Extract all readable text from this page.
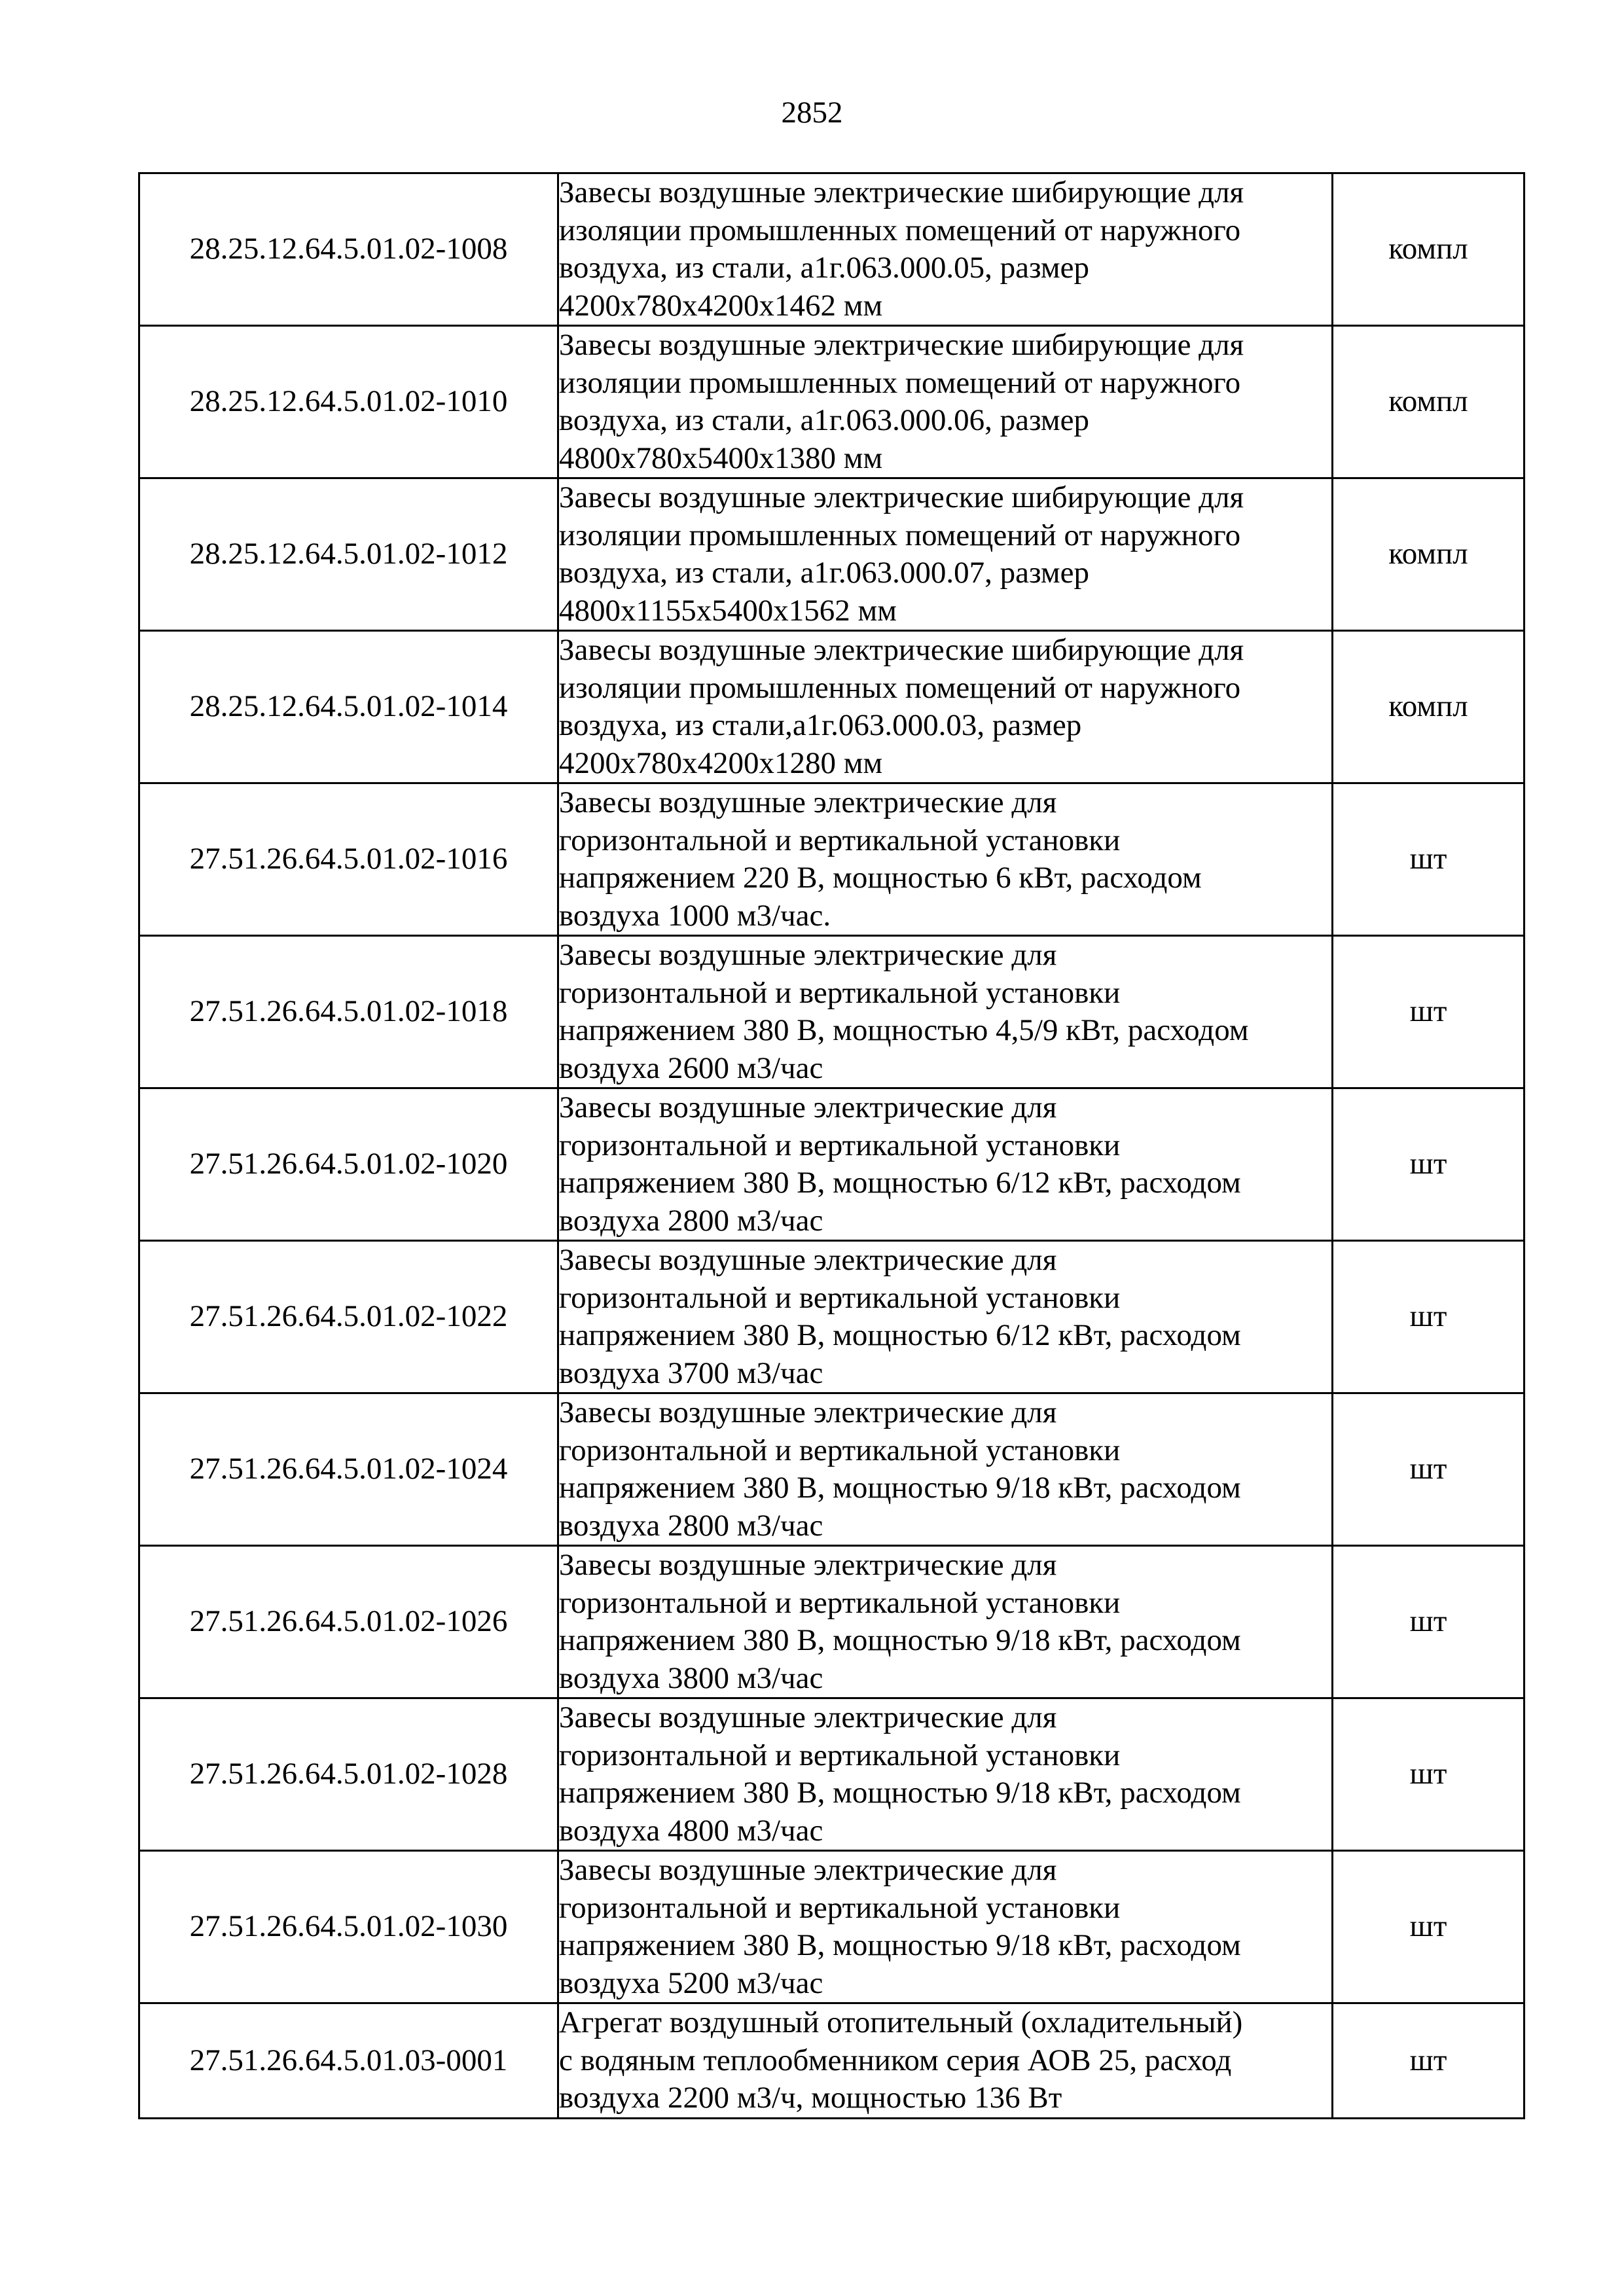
2852
28.25.12.64.5.01.02-1008	Завесы воздушные электрические шибирующие для
изоляции промышленных помещений от наружного
воздуха, из стали, а1г.063.000.05, размер
4200х780х4200х1462 мм	компл
28.25.12.64.5.01.02-1010	Завесы воздушные электрические шибирующие для
изоляции промышленных помещений от наружного
воздуха, из стали, а1г.063.000.06, размер
4800х780х5400х1380 мм	компл
28.25.12.64.5.01.02-1012	Завесы воздушные электрические шибирующие для
изоляции промышленных помещений от наружного
воздуха, из стали, а1г.063.000.07, размер
4800х1155х5400х1562 мм	компл
28.25.12.64.5.01.02-1014	Завесы воздушные электрические шибирующие для
изоляции промышленных помещений от наружного
воздуха, из стали,а1г.063.000.03, размер
4200х780х4200х1280 мм	компл
27.51.26.64.5.01.02-1016	Завесы воздушные электрические для
горизонтальной и вертикальной установки
напряжением 220 В, мощностью 6 кВт, расходом
воздуха 1000 м3/час.	шт
27.51.26.64.5.01.02-1018	Завесы воздушные электрические для
горизонтальной и вертикальной установки
напряжением 380 В, мощностью 4,5/9 кВт, расходом
воздуха 2600 м3/час	шт
27.51.26.64.5.01.02-1020	Завесы воздушные электрические для
горизонтальной и вертикальной установки
напряжением 380 В, мощностью 6/12 кВт, расходом
воздуха 2800 м3/час	шт
27.51.26.64.5.01.02-1022	Завесы воздушные электрические для
горизонтальной и вертикальной установки
напряжением 380 В, мощностью 6/12 кВт, расходом
воздуха 3700 м3/час	шт
27.51.26.64.5.01.02-1024	Завесы воздушные электрические для
горизонтальной и вертикальной установки
напряжением 380 В, мощностью 9/18 кВт, расходом
воздуха 2800 м3/час	шт
27.51.26.64.5.01.02-1026	Завесы воздушные электрические для
горизонтальной и вертикальной установки
напряжением 380 В, мощностью 9/18 кВт, расходом
воздуха 3800 м3/час	шт
27.51.26.64.5.01.02-1028	Завесы воздушные электрические для
горизонтальной и вертикальной установки
напряжением 380 В, мощностью 9/18 кВт, расходом
воздуха 4800 м3/час	шт
27.51.26.64.5.01.02-1030	Завесы воздушные электрические для
горизонтальной и вертикальной установки
напряжением 380 В, мощностью 9/18 кВт, расходом
воздуха 5200 м3/час	шт
27.51.26.64.5.01.03-0001	Агрегат воздушный отопительный (охладительный)
с водяным теплообменником серия АОВ 25, расход
воздуха 2200 м3/ч, мощностью 136 Вт	шт
